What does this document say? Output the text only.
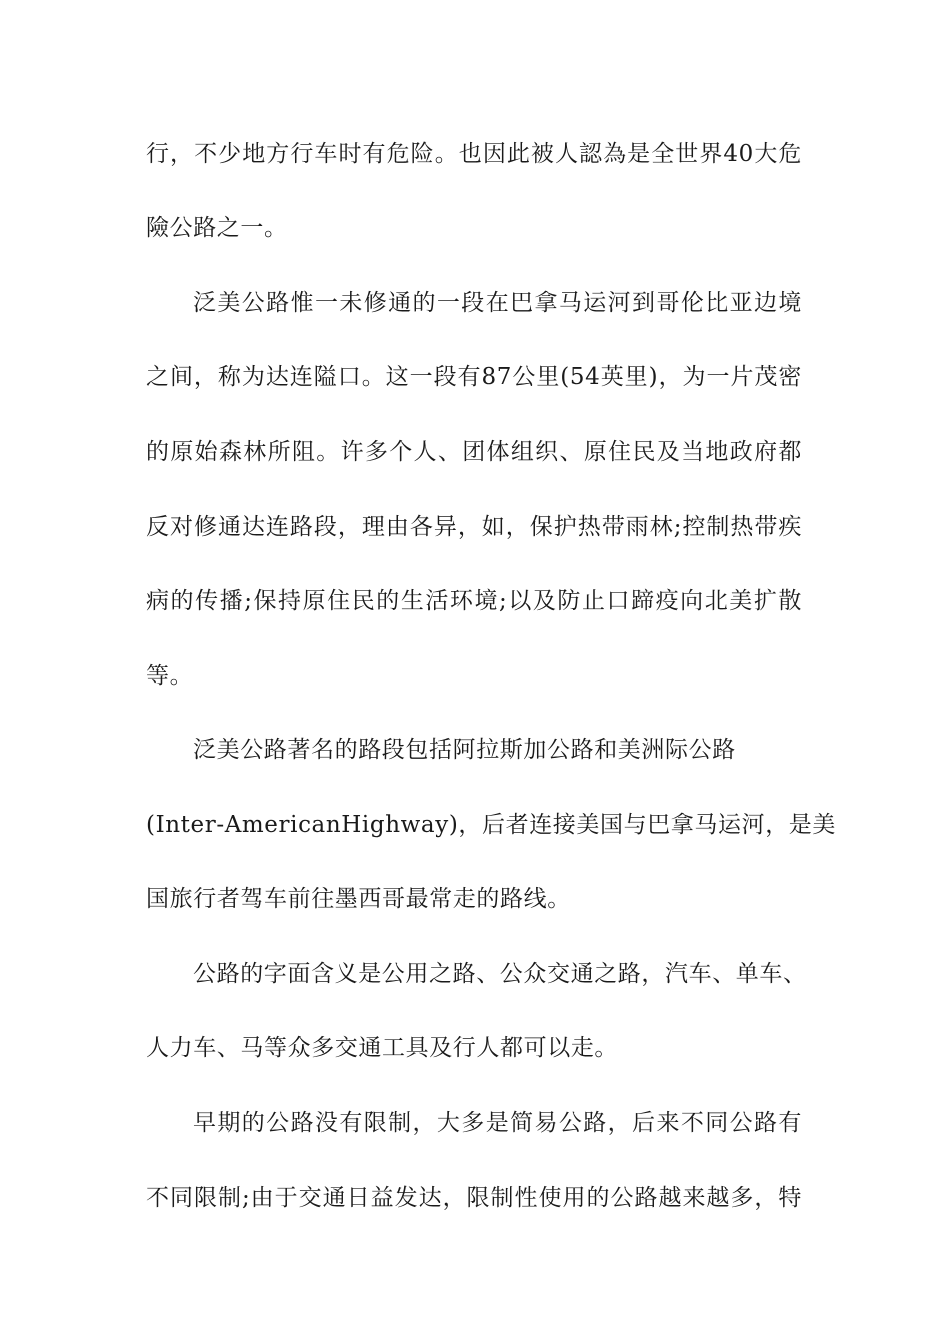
行，不少地方行车时有危险。也因此被人認為是全世界40大危
險公路之一。
泛美公路惟一未修通的一段在巴拿马运河到哥伦比亚边境
之间，称为达连隘口。这一段有87公里(54英里)，为一片茂密
的原始森林所阻。许多个人、团体组织、原住民及当地政府都
反对修通达连路段，理由各异，如，保护热带雨林;控制热带疾
病的传播;保持原住民的生活环境;以及防止口蹄疫向北美扩散
等。
泛美公路著名的路段包括阿拉斯加公路和美洲际公路
(Inter-AmericanHighway)，后者连接美国与巴拿马运河，是美
国旅行者驾车前往墨西哥最常走的路线。
公路的字面含义是公用之路、公众交通之路，汽车、单车、
人力车、马等众多交通工具及行人都可以走。
早期的公路没有限制，大多是简易公路，后来不同公路有
不同限制;由于交通日益发达，限制性使用的公路越来越多，特
